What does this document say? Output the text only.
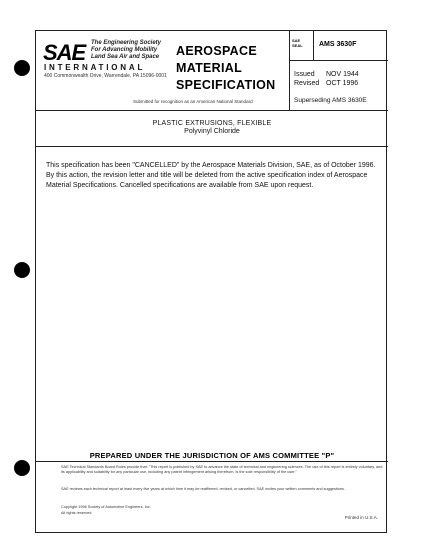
SAE The Engineering Society
For Advancing Mobility
Land Sea Air and Space
INTERNATIONAL
400 Commonwealth Drive, Warrendale, PA 15096-0001
AEROSPACE
MATERIAL
SPECIFICATION
Submitted for recognition as an American National Standard
SAE SEAL	AMS 3630F
Issued NOV 1944
Revised OCT 1996
Superseding AMS 3630E
PLASTIC EXTRUSIONS, FLEXIBLE
Polyvinyl Chloride
This specification has been "CANCELLED" by the Aerospace Materials Division, SAE, as of October 1996. By this action, the revision letter and title will be deleted from the active specification index of Aerospace Material Specifications. Cancelled specifications are available from SAE upon request.
PREPARED UNDER THE JURISDICTION OF AMS COMMITTEE "P"
SAE Technical Standards Board Rules provide that: "This report is published by SAE to advance the state of technical and engineering sciences. The use of this report is entirely voluntary, and its applicability and suitability for any particular use, including any patent infringement arising therefrom, is the sole responsibility of the user."
SAE reviews each technical report at least every five years at which time it may be reaffirmed, revised, or cancelled. SAE invites your written comments and suggestions.
Copyright 1996 Society of Automotive Engineers, Inc.
All rights reserved.
Printed in U.S.A.
